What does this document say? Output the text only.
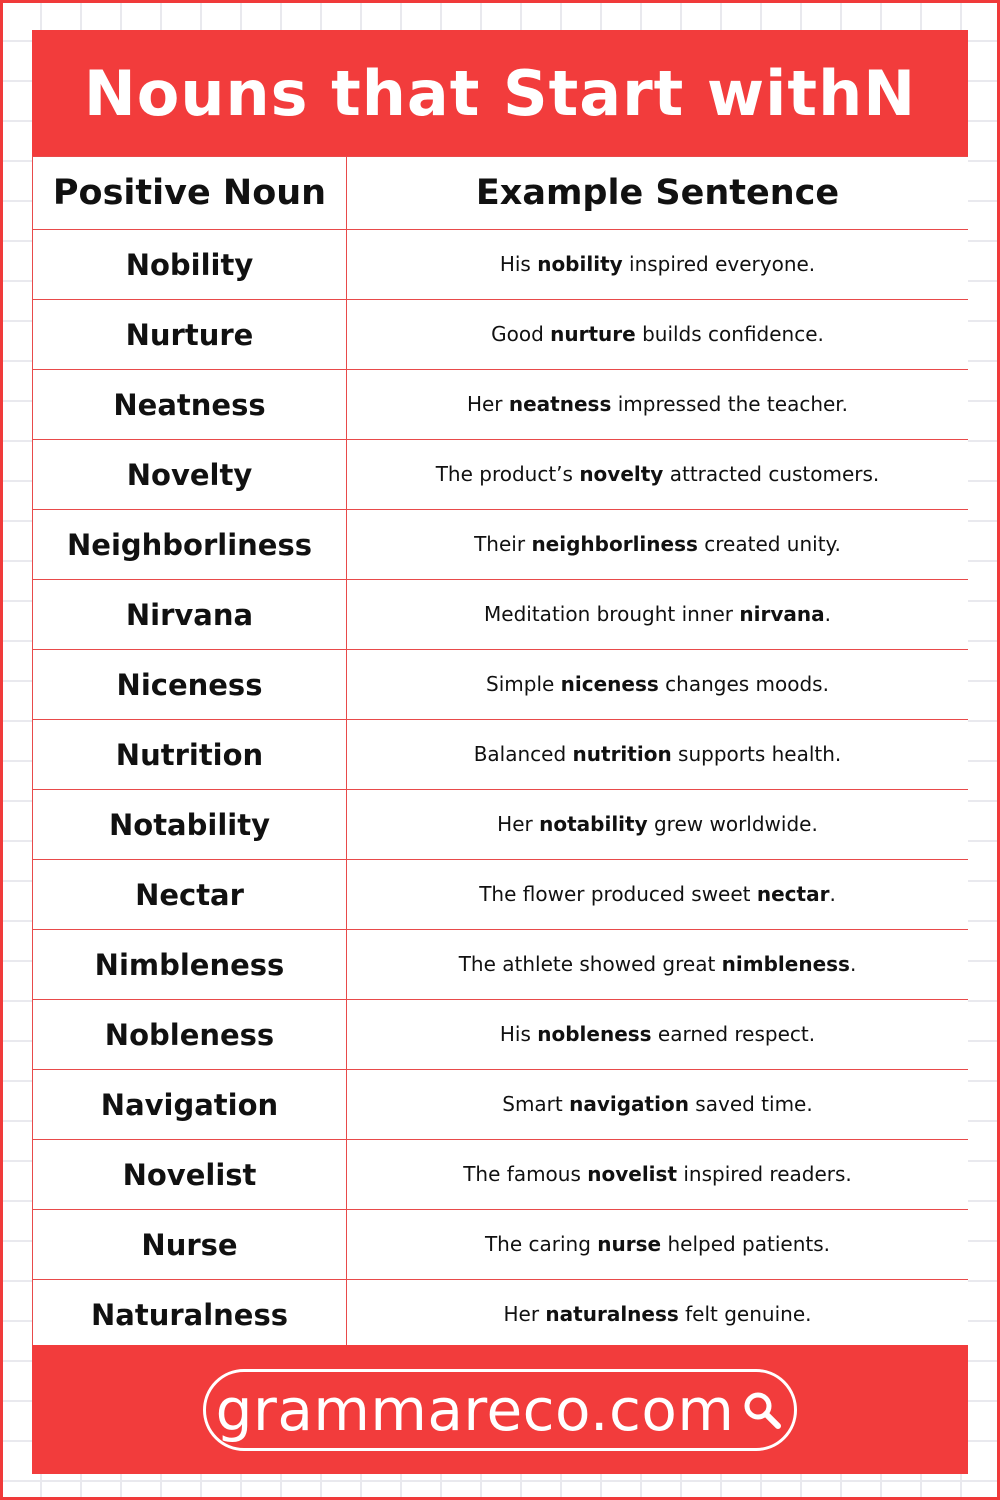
Nouns that Start withN
Positive Noun	Example Sentence
Nobility	His nobility inspired everyone.

Nurture	Good nurture builds confidence.

Neatness	Her neatness impressed the teacher.

Novelty	The product’s novelty attracted customers.

Neighborliness	Their neighborliness created unity.

Nirvana	Meditation brought inner nirvana.

Niceness	Simple niceness changes moods.

Nutrition	Balanced nutrition supports health.

Notability	Her notability grew worldwide.

Nectar	The flower produced sweet nectar.

Nimbleness	The athlete showed great nimbleness.

Nobleness	His nobleness earned respect.

Navigation	Smart navigation saved time.

Novelist	The famous novelist inspired readers.

Nurse	The caring nurse helped patients.

Naturalness	Her naturalness felt genuine.
grammareco.com
